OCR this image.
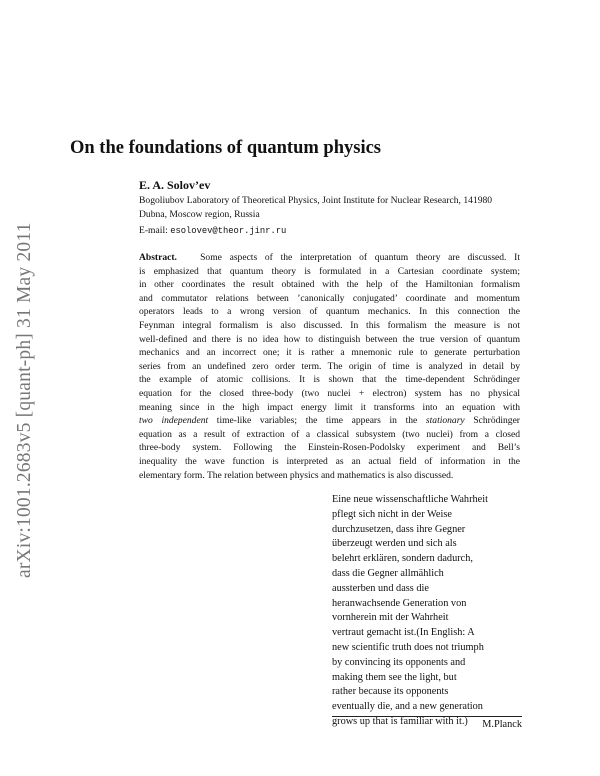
arXiv:1001.2683v5 [quant-ph] 31 May 2011
On the foundations of quantum physics

E. A. Solov’ev

Bogoliubov Laboratory of Theoretical Physics, Joint Institute for Nuclear Research, 141980 Dubna, Moscow region, Russia

E-mail: esolovev@theor.jinr.ru

Abstract. Some aspects of the interpretation of quantum theory are discussed. It
is emphasized that quantum theory is formulated in a Cartesian coordinate system;
in other coordinates the result obtained with the help of the Hamiltonian formalism
and commutator relations between ’canonically conjugated’ coordinate and momentum
operators leads to a wrong version of quantum mechanics. In this connection the
Feynman integral formalism is also discussed. In this formalism the measure is not
well-defined and there is no idea how to distinguish between the true version of quantum
mechanics and an incorrect one; it is rather a mnemonic rule to generate perturbation
series from an undefined zero order term. The origin of time is analyzed in detail by
the example of atomic collisions. It is shown that the time-dependent Schrödinger
equation for the closed three-body (two nuclei + electron) system has no physical
meaning since in the high impact energy limit it transforms into an equation with
two independent time-like variables; the time appears in the stationary Schrödinger
equation as a result of extraction of a classical subsystem (two nuclei) from a closed
three-body system. Following the Einstein-Rosen-Podolsky experiment and Bell’s
inequality the wave function is interpreted as an actual field of information in the
elementary form. The relation between physics and mathematics is also discussed.
Eine neue wissenschaftliche Wahrheit
pflegt sich nicht in der Weise
durchzusetzen, dass ihre Gegner
überzeugt werden und sich als
belehrt erklären, sondern dadurch,
dass die Gegner allmählich
aussterben und dass die
heranwachsende Generation von
vornherein mit der Wahrheit
vertraut gemacht ist.(In English: A
new scientific truth does not triumph
by convincing its opponents and
making them see the light, but
rather because its opponents
eventually die, and a new generation
grows up that is familiar with it.)	M.Planck
